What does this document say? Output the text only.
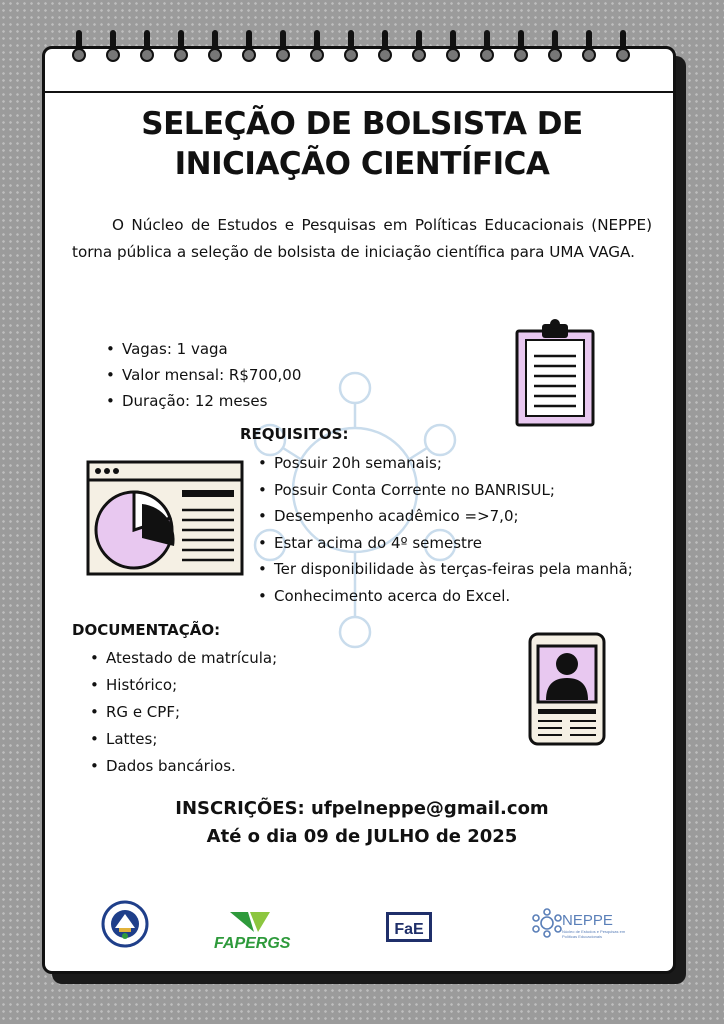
SELEÇÃO DE BOLSISTA DE
INICIAÇÃO CIENTÍFICA
O Núcleo de Estudos e Pesquisas em Políticas Educacionais (NEPPE) torna pública a seleção de bolsista de iniciação científica para UMA VAGA.
• Vagas: 1 vaga
• Valor mensal: R$700,00
• Duração: 12 meses
REQUISITOS:
• Possuir 20h semanais;
• Possuir Conta Corrente no BANRISUL;
• Desempenho acadêmico =>7,0;
• Estar acima do 4º semestre
• Ter disponibilidade às terças-feiras pela manhã;
• Conhecimento acerca do Excel.
DOCUMENTAÇÃO:
• Atestado de matrícula;
• Histórico;
• RG e CPF;
• Lattes;
• Dados bancários.
INSCRIÇÕES: ufpelneppe@gmail.com
Até o dia 09 de JULHO de 2025
FAPERGS
FaE
NEPPE
Núcleo de Estudos e Pesquisas em Políticas Educacionais
